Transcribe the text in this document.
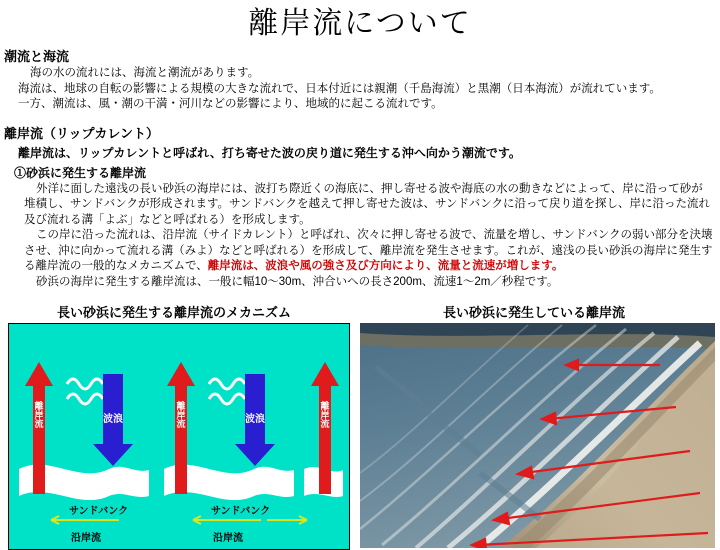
離岸流について
潮流と海流
海の水の流れには、海流と潮流があります。
海流は、地球の自転の影響による規模の大きな流れで、日本付近には親潮（千島海流）と黒潮（日本海流）が流れています。
一方、潮流は、風・潮の干満・河川などの影響により、地域的に起こる流れです。
離岸流（リップカレント）
離岸流は、リップカレントと呼ばれ、打ち寄せた波の戻り道に発生する沖へ向かう潮流です。
①砂浜に発生する離岸流
外洋に面した遠浅の長い砂浜の海岸には、波打ち際近くの海底に、押し寄せる波や海底の水の動きなどによって、岸に沿って砂が堆積し、サンドバンクが形成されます。サンドバンクを越えて押し寄せた波は、サンドバンクに沿って戻り道を探し、岸に沿った流れ及び流れる溝「よぶ」などと呼ばれる）を形成します。
この岸に沿った流れは、沿岸流（サイドカレント）と呼ばれ、次々に押し寄せる波で、流量を増し、サンドバンクの弱い部分を決壊させ、沖に向かって流れる溝（みよ）などと呼ばれる）を形成して、離岸流を発生させます。これが、遠浅の長い砂浜の海岸に発生する離岸流の一般的なメカニズムで、離岸流は、波浪や風の強さ及び方向により、流量と流速が増します。
砂浜の海岸に発生する離岸流は、一般に幅10～30m、沖合いへの長さ200m、流速1～2m／秒程です。
長い砂浜に発生する離岸流のメカニズム	長い砂浜に発生している離岸流
離岸流
離岸流
離岸流
波浪	波浪
サンドバンク	サンドバンク
沿岸流	沿岸流
